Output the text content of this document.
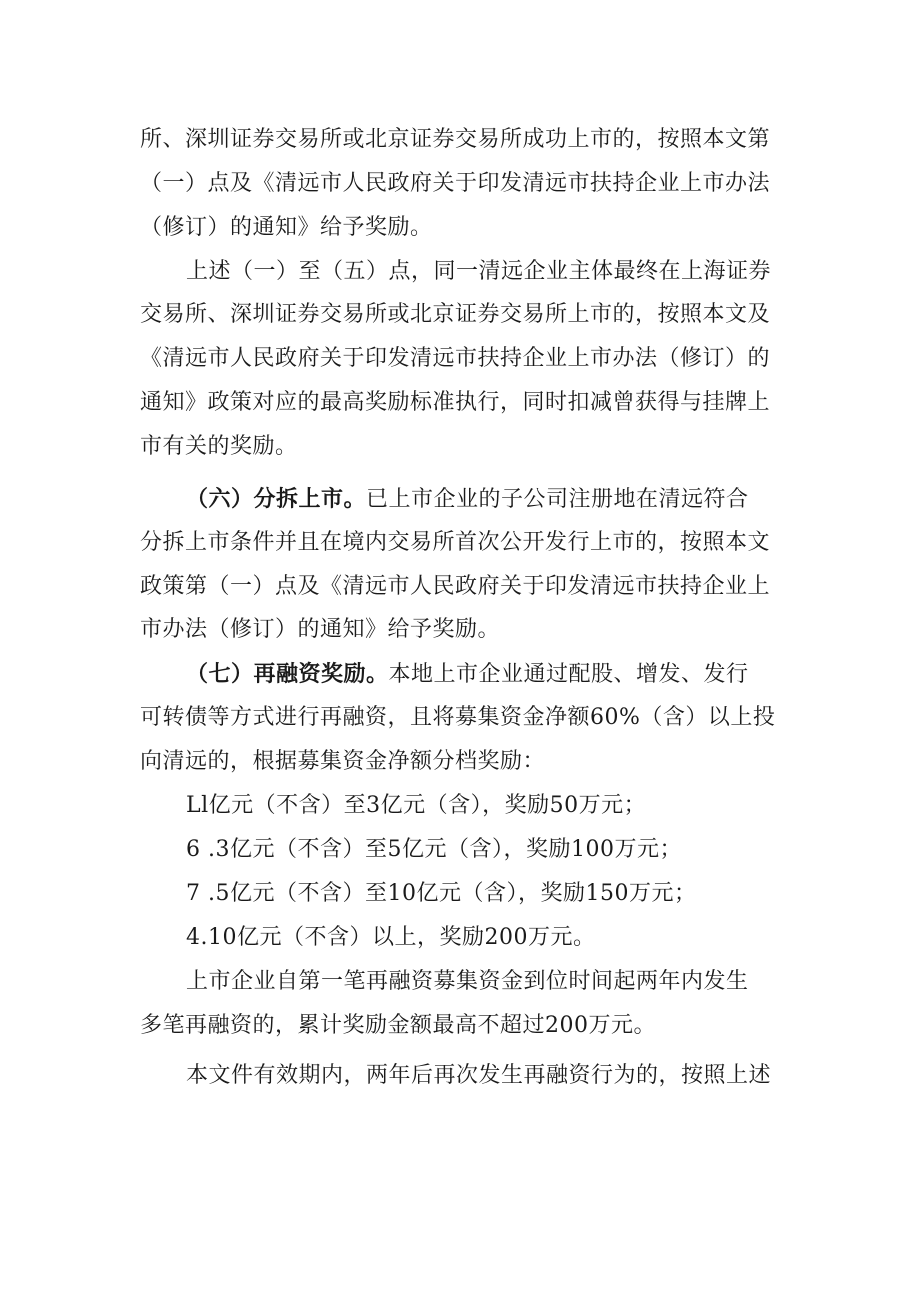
所、深圳证券交易所或北京证券交易所成功上市的，按照本文第
（一）点及《清远市人民政府关于印发清远市扶持企业上市办法
（修订）的通知》给予奖励。
上述（一）至（五）点，同一清远企业主体最终在上海证券
交易所、深圳证券交易所或北京证券交易所上市的，按照本文及
《清远市人民政府关于印发清远市扶持企业上市办法（修订）的
通知》政策对应的最高奖励标准执行，同时扣减曾获得与挂牌上
市有关的奖励。
（六）分拆上市。已上市企业的子公司注册地在清远符合
分拆上市条件并且在境内交易所首次公开发行上市的，按照本文
政策第（一）点及《清远市人民政府关于印发清远市扶持企业上
市办法（修订）的通知》给予奖励。
（七）再融资奖励。本地上市企业通过配股、增发、发行
可转债等方式进行再融资，且将募集资金净额60%（含）以上投
向清远的，根据募集资金净额分档奖励：
Ll亿元（不含）至3亿元（含），奖励50万元；
6 .3亿元（不含）至5亿元（含），奖励100万元；
7 .5亿元（不含）至10亿元（含），奖励150万元；
4.10亿元（不含）以上，奖励200万元。
上市企业自第一笔再融资募集资金到位时间起两年内发生
多笔再融资的，累计奖励金额最高不超过200万元。
本文件有效期内，两年后再次发生再融资行为的，按照上述
